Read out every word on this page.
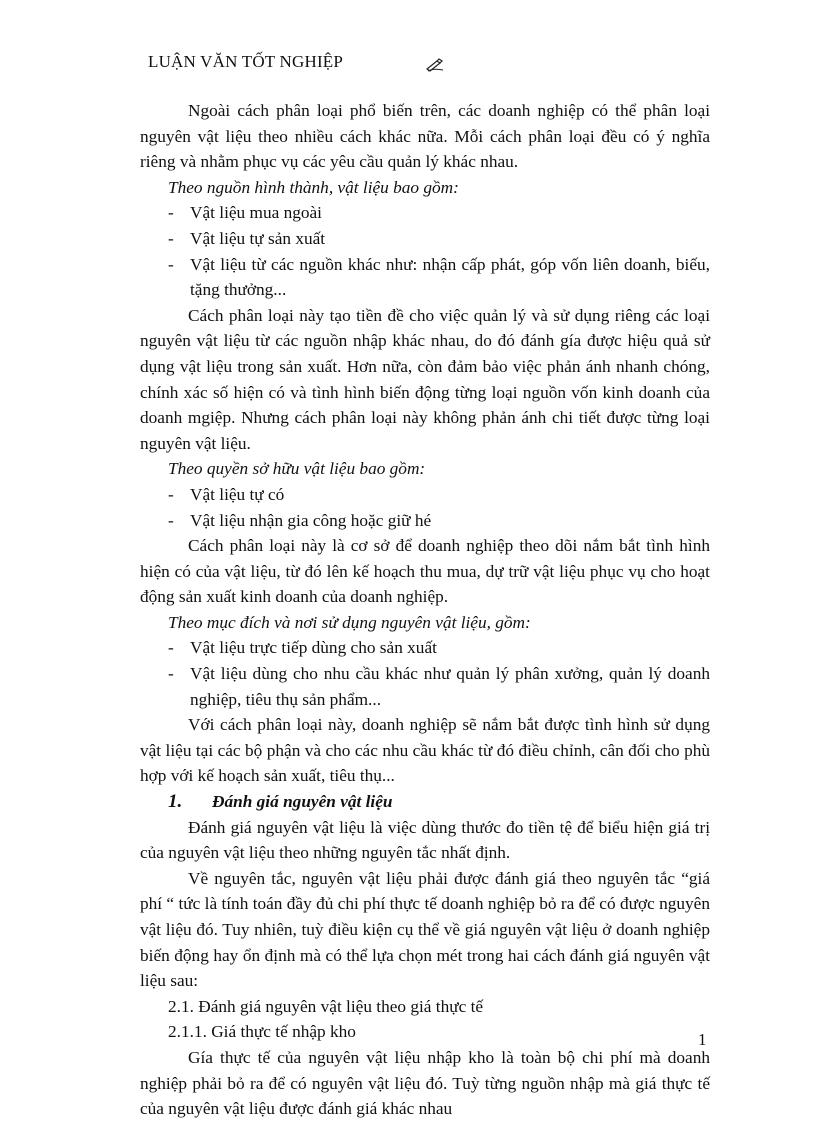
LUẬN VĂN TỐT NGHIỆP

Ngoài cách phân loại phổ biến trên, các doanh nghiệp có thể phân loại nguyên vật liệu theo nhiều cách khác nữa. Mỗi cách phân loại đều có ý nghĩa riêng và nhằm phục vụ các yêu cầu quản lý khác nhau.

Theo nguồn hình thành, vật liệu bao gồm:

- Vật liệu mua ngoài

- Vật liệu tự sản xuất

- Vật liệu từ các nguồn khác như: nhận cấp phát, góp vốn liên doanh, biếu, tặng thưởng...

Cách phân loại này tạo tiền đề cho việc quản lý và sử dụng riêng các loại nguyên vật liệu từ các nguồn nhập khác nhau, do đó đánh gía được hiệu quả sử dụng vật liệu trong sản xuất. Hơn nữa, còn đảm bảo việc phản ánh nhanh chóng, chính xác số hiện có và tình hình biến động từng loại nguồn vốn kinh doanh của doanh mgiệp. Nhưng cách phân loại này không phản ánh chi tiết được từng loại nguyên vật liệu.

Theo quyền sở hữu vật liệu bao gồm:

- Vật liệu tự có

- Vật liệu nhận gia công hoặc giữ hé

Cách phân loại này là cơ sở để doanh nghiệp theo dõi nắm bắt tình hình hiện có của vật liệu, từ đó lên kế hoạch thu mua, dự trữ vật liệu phục vụ cho hoạt động sản xuất kinh doanh của doanh nghiệp.

Theo mục đích và nơi sử dụng nguyên vật liệu, gồm:

- Vật liệu trực tiếp dùng cho sản xuất

- Vật liệu dùng cho nhu cầu khác như quản lý phân xưởng, quản lý doanh nghiệp, tiêu thụ sản phẩm...

Với cách phân loại này, doanh nghiệp sẽ nắm bắt được tình hình sử dụng vật liệu tại các bộ phận và cho các nhu cầu khác từ đó điều chỉnh, cân đối cho phù hợp với kế hoạch sản xuất, tiêu thụ...

1. Đánh giá nguyên vật liệu

Đánh giá nguyên vật liệu là việc dùng thước đo tiền tệ để biểu hiện giá trị của nguyên vật liệu theo những nguyên tắc nhất định.

Về nguyên tắc, nguyên vật liệu phải được đánh giá theo nguyên tắc “giá phí “ tức là tính toán đầy đủ chi phí thực tế doanh nghiệp bỏ ra để có được nguyên vật liệu đó. Tuy nhiên, tuỳ điều kiện cụ thể về giá nguyên vật liệu ở doanh nghiệp biến động hay ổn định mà có thể lựa chọn mét trong hai cách đánh giá nguyên vật liệu sau:

2.1. Đánh giá nguyên vật liệu theo giá thực tế

2.1.1. Giá thực tế nhập kho

Gía thực tế của nguyên vật liệu nhập kho là toàn bộ chi phí mà doanh nghiệp phải bỏ ra để có nguyên vật liệu đó. Tuỳ từng nguồn nhập mà giá thực tế của nguyên vật liệu được đánh giá khác nhau

1
